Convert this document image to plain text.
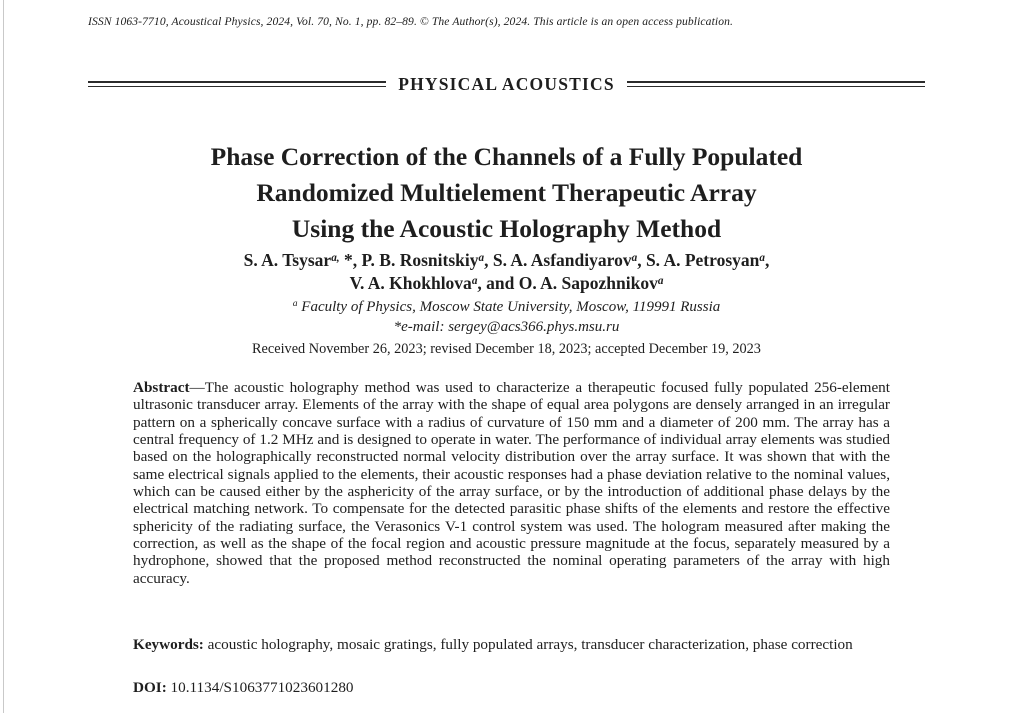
ISSN 1063-7710, Acoustical Physics, 2024, Vol. 70, No. 1, pp. 82–89. © The Author(s), 2024. This article is an open access publication.
PHYSICAL ACOUSTICS
Phase Correction of the Channels of a Fully Populated
Randomized Multielement Therapeutic Array
Using the Acoustic Holography Method
S. A. Tsysar$^{a,}$ *, P. B. Rosnitskiy$^a$, S. A. Asfandiyarov$^a$, S. A. Petrosyan$^a$,
V. A. Khokhlova$^a$, and O. A. Sapozhnikov$^a$
$^a$ Faculty of Physics, Moscow State University, Moscow, 119991 Russia
*e-mail: sergey@acs366.phys.msu.ru
Received November 26, 2023; revised December 18, 2023; accepted December 19, 2023
Abstract—The acoustic holography method was used to characterize a therapeutic focused fully populated 256-element ultrasonic transducer array. Elements of the array with the shape of equal area polygons are densely arranged in an irregular pattern on a spherically concave surface with a radius of curvature of 150 mm and a diameter of 200 mm. The array has a central frequency of 1.2 MHz and is designed to operate in water. The performance of individual array elements was studied based on the holographically reconstructed normal velocity distribution over the array surface. It was shown that with the same electrical signals applied to the elements, their acoustic responses had a phase deviation relative to the nominal values, which can be caused either by the asphericity of the array surface, or by the introduction of additional phase delays by the electrical matching network. To compensate for the detected parasitic phase shifts of the elements and restore the effective sphericity of the radiating surface, the Verasonics V-1 control system was used. The hologram measured after making the correction, as well as the shape of the focal region and acoustic pressure magnitude at the focus, separately measured by a hydrophone, showed that the proposed method reconstructed the nominal operating parameters of the array with high accuracy.
Keywords: acoustic holography, mosaic gratings, fully populated arrays, transducer characterization, phase correction
DOI: 10.1134/S1063771023601280
